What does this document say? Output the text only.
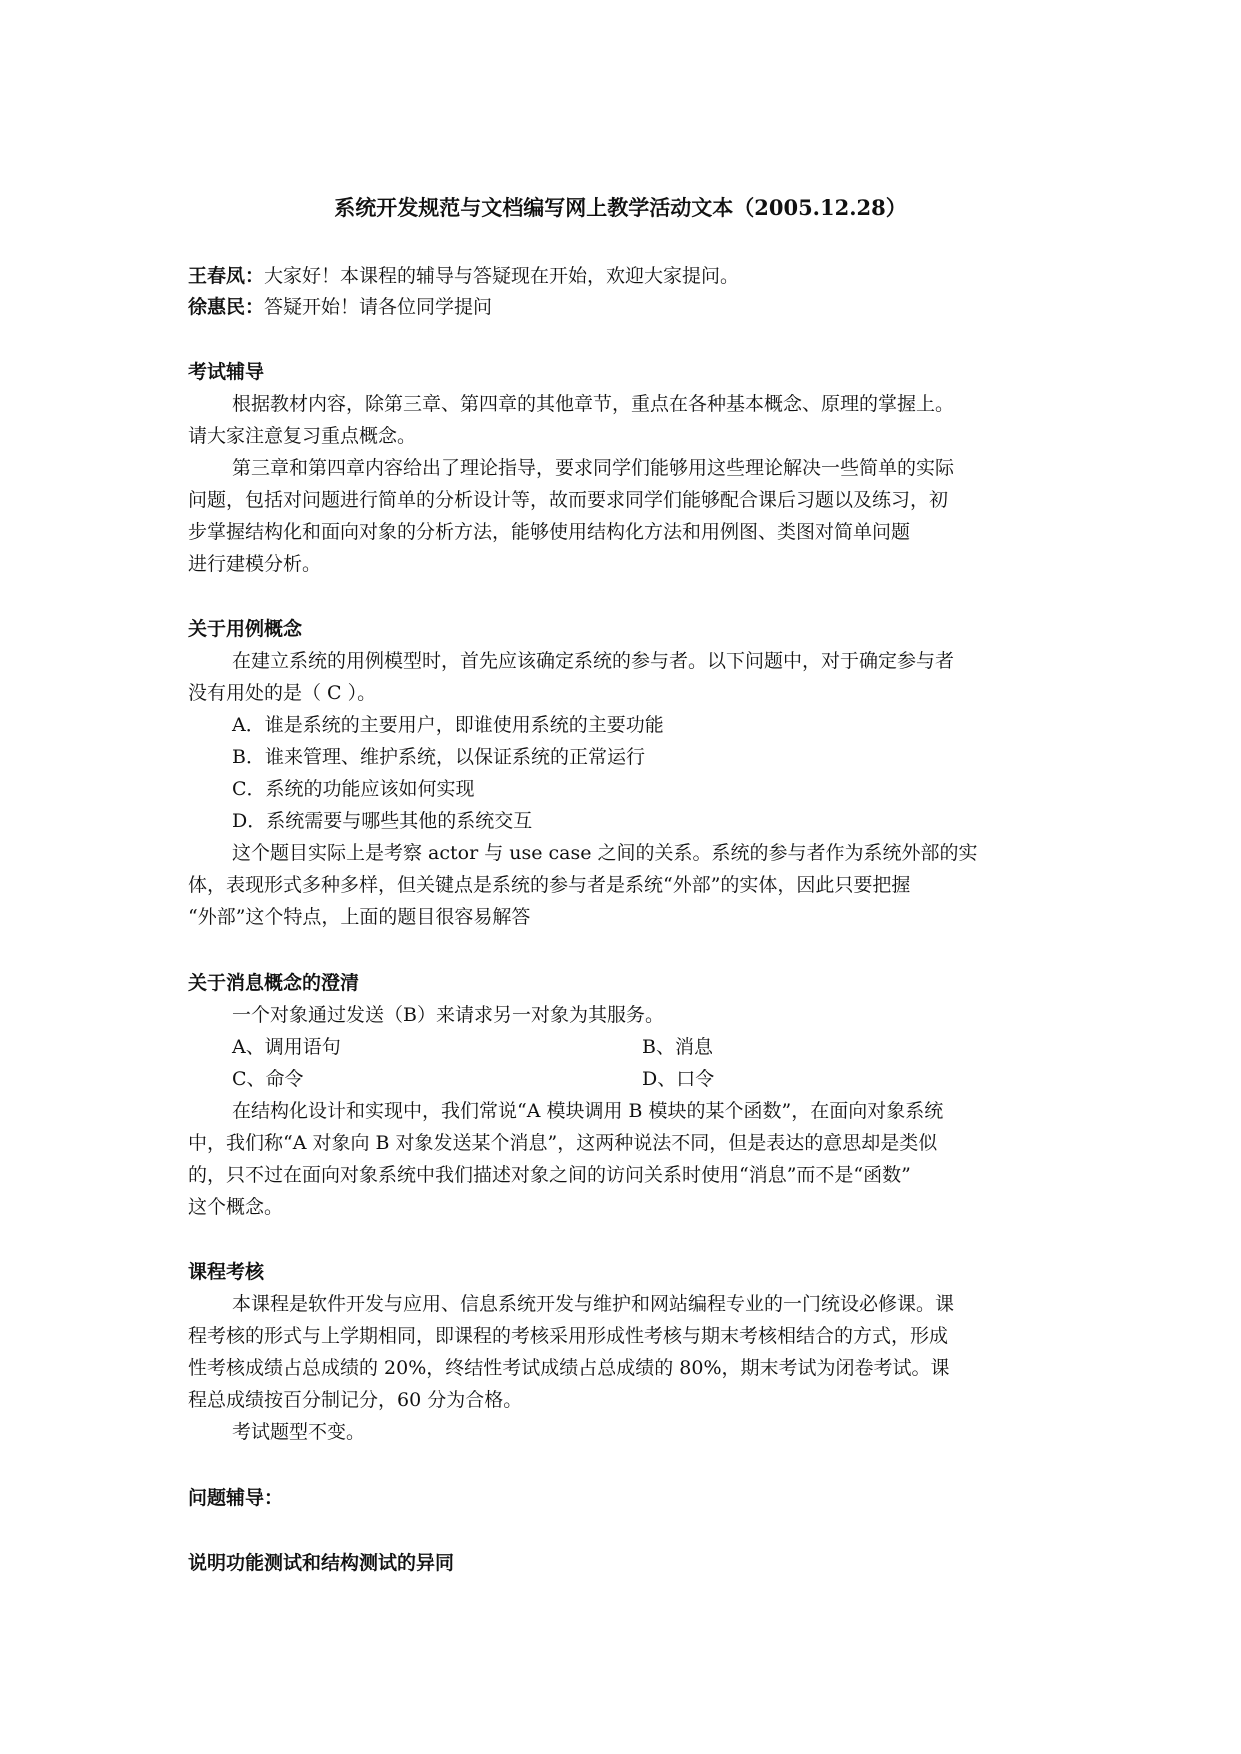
系统开发规范与文档编写网上教学活动文本（2005.12.28）
王春凤：大家好！本课程的辅导与答疑现在开始，欢迎大家提问。
徐惠民：答疑开始！请各位同学提问
考试辅导
根据教材内容，除第三章、第四章的其他章节，重点在各种基本概念、原理的掌握上。
请大家注意复习重点概念。
第三章和第四章内容给出了理论指导，要求同学们能够用这些理论解决一些简单的实际
问题，包括对问题进行简单的分析设计等，故而要求同学们能够配合课后习题以及练习，初
步掌握结构化和面向对象的分析方法，能够使用结构化方法和用例图、类图对简单问题
进行建模分析。
关于用例概念
在建立系统的用例模型时，首先应该确定系统的参与者。以下问题中，对于确定参与者
没有用处的是（ C ）。
A．谁是系统的主要用户，即谁使用系统的主要功能
B．谁来管理、维护系统，以保证系统的正常运行
C．系统的功能应该如何实现
D．系统需要与哪些其他的系统交互
这个题目实际上是考察 actor 与 use case 之间的关系。系统的参与者作为系统外部的实
体，表现形式多种多样，但关键点是系统的参与者是系统“外部”的实体，因此只要把握
“外部”这个特点，上面的题目很容易解答
关于消息概念的澄清
一个对象通过发送（B）来请求另一对象为其服务。
A、调用语句	B、消息
C、命令	D、口令
在结构化设计和实现中，我们常说“A 模块调用 B 模块的某个函数”，在面向对象系统
中，我们称“A 对象向 B 对象发送某个消息”，这两种说法不同，但是表达的意思却是类似
的，只不过在面向对象系统中我们描述对象之间的访问关系时使用“消息”而不是“函数”
这个概念。
课程考核
本课程是软件开发与应用、信息系统开发与维护和网站编程专业的一门统设必修课。课
程考核的形式与上学期相同，即课程的考核采用形成性考核与期末考核相结合的方式，形成
性考核成绩占总成绩的 20%，终结性考试成绩占总成绩的 80%，期末考试为闭卷考试。课
程总成绩按百分制记分，60 分为合格。
考试题型不变。
问题辅导：
说明功能测试和结构测试的异同
